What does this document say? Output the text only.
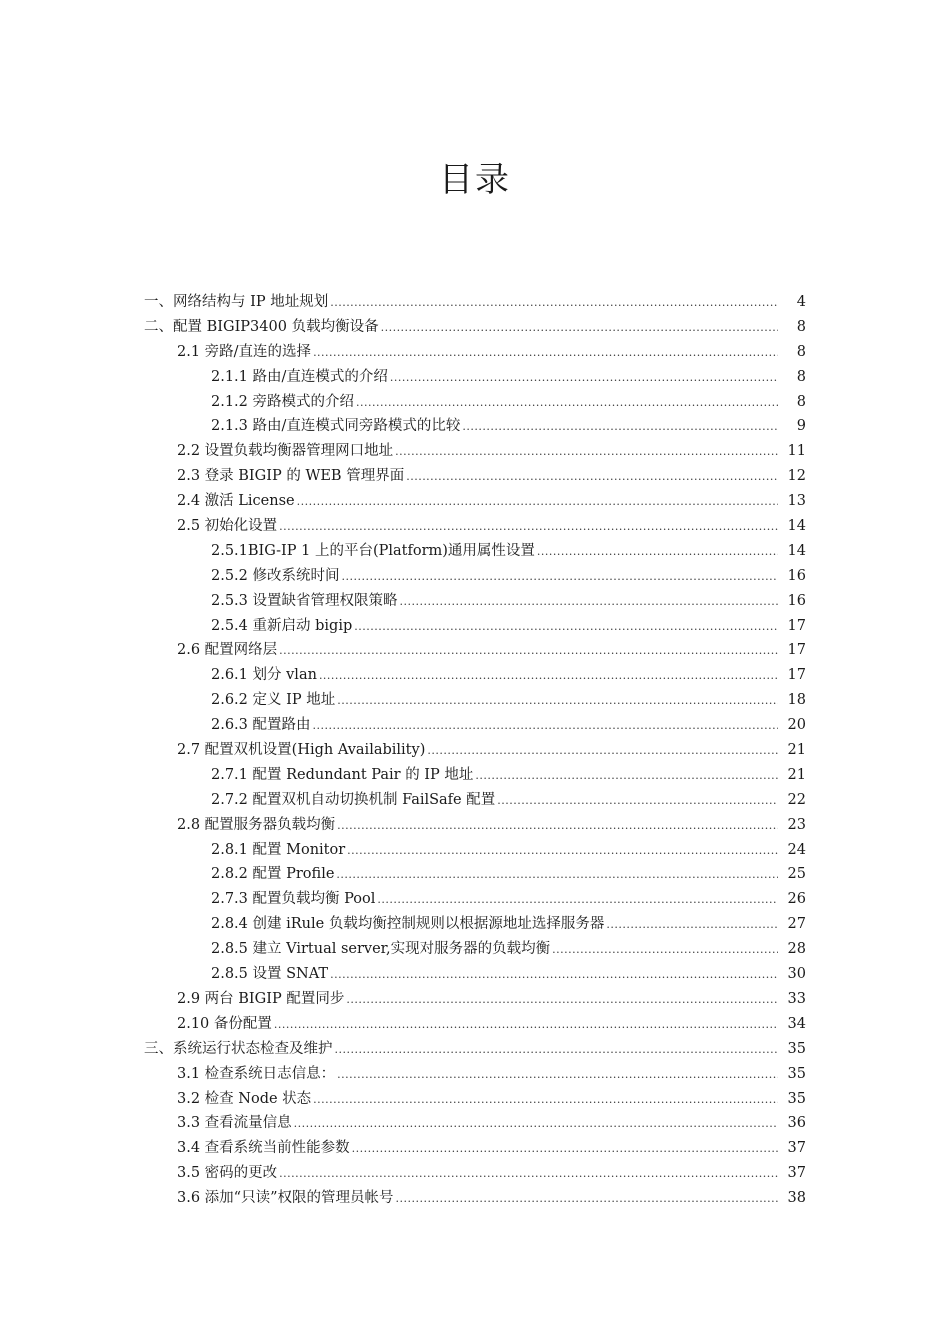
目录
一、网络结构与 IP 地址规划 .....	4
二、配置 BIGIP3400 负载均衡设备 .....	8
2.1 旁路/直连的选择 .....	8
2.1.1 路由/直连模式的介绍 .....	8
2.1.2 旁路模式的介绍 .....	8
2.1.3 路由/直连模式同旁路模式的比较 .....	9
2.2 设置负载均衡器管理网口地址 .....	11
2.3 登录 BIGIP 的 WEB 管理界面 .....	12
2.4 激活 License .....	13
2.5 初始化设置 .....	14
2.5.1BIG-IP 1 上的平台(Platform)通用属性设置 .....	14
2.5.2 修改系统时间 .....	16
2.5.3 设置缺省管理权限策略 .....	16
2.5.4 重新启动 bigip .....	17
2.6 配置网络层 .....	17
2.6.1 划分 vlan .....	17
2.6.2 定义 IP 地址 .....	18
2.6.3 配置路由 .....	20
2.7 配置双机设置(High Availability) .....	21
2.7.1 配置 Redundant Pair 的 IP 地址 .....	21
2.7.2 配置双机自动切换机制 FailSafe 配置 .....	22
2.8 配置服务器负载均衡 .....	23
2.8.1 配置 Monitor .....	24
2.8.2 配置 Profile .....	25
2.7.3 配置负载均衡 Pool .....	26
2.8.4 创建 iRule 负载均衡控制规则以根据源地址选择服务器 .....	27
2.8.5 建立 Virtual server,实现对服务器的负载均衡 .....	28
2.8.5 设置 SNAT .....	30
2.9 两台 BIGIP 配置同步 .....	33
2.10 备份配置 .....	34
三、系统运行状态检查及维护 .....	35
3.1 检查系统日志信息： .....	35
3.2 检查 Node 状态 .....	35
3.3 查看流量信息 .....	36
3.4 查看系统当前性能参数 .....	37
3.5 密码的更改 .....	37
3.6 添加“只读”权限的管理员帐号 .....	38
